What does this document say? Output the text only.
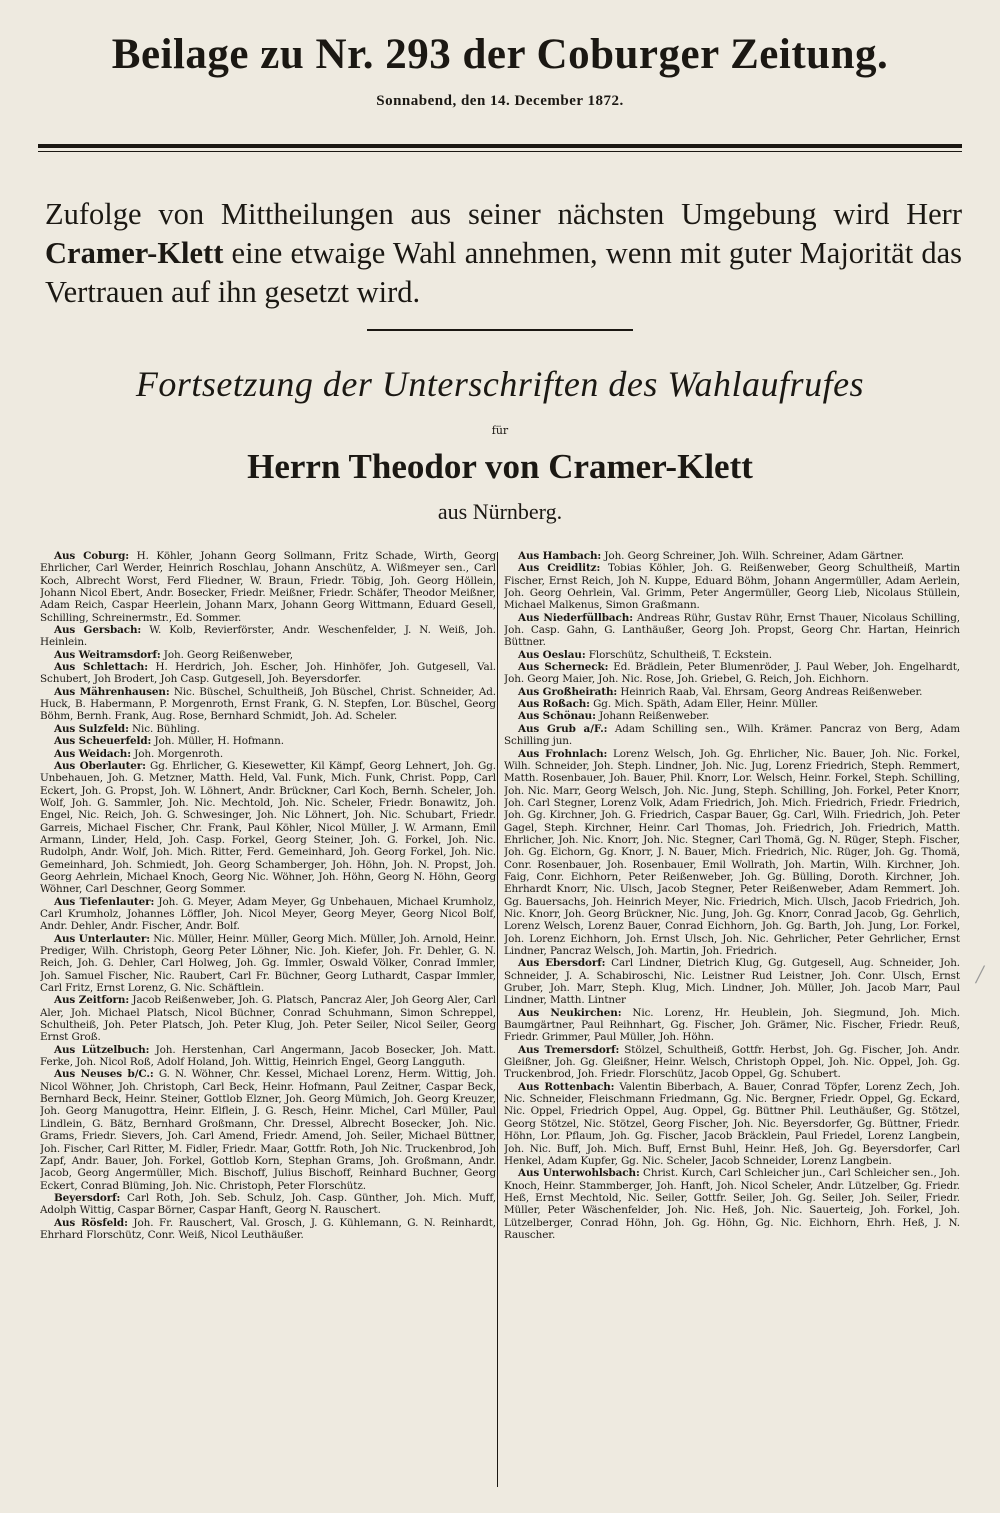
Beilage zu Nr. 293 der Coburger Zeitung.
Sonnabend, den 14. December 1872.
Zufolge von Mittheilungen aus seiner nächsten Umgebung wird Herr Cramer-Klett eine etwaige Wahl annehmen, wenn mit guter Majorität das Vertrauen auf ihn gesetzt wird.
Fortsetzung der Unterschriften des Wahlaufrufes
für
Herrn Theodor von Cramer-Klett
aus Nürnberg.

Aus Coburg: H. Köhler, Johann Georg Sollmann, Fritz Schade, Wirth, Georg Ehrlicher, Carl Werder, Heinrich Roschlau, Johann Anschütz, A. Wißmeyer sen., Carl Koch, Albrecht Worst, Ferd Fliedner, W. Braun, Friedr. Töbig, Joh. Georg Höllein, Johann Nicol Ebert, Andr. Bosecker, Friedr. Meißner, Friedr. Schäfer, Theodor Meißner, Adam Reich, Caspar Heerlein, Johann Marx, Johann Georg Wittmann, Eduard Gesell, Schilling, Schreinermstr., Ed. Sommer.

Aus Gersbach: W. Kolb, Revierförster, Andr. Weschenfelder, J. N. Weiß, Joh. Heinlein.

Aus Weitramsdorf: Joh. Georg Reißenweber,

Aus Schlettach: H. Herdrich, Joh. Escher, Joh. Hinhöfer, Joh. Gutgesell, Val. Schubert, Joh Brodert, Joh Casp. Gutgesell, Joh. Beyersdorfer.

Aus Mährenhausen: Nic. Büschel, Schultheiß, Joh Büschel, Christ. Schneider, Ad. Huck, B. Habermann, P. Morgenroth, Ernst Frank, G. N. Stepfen, Lor. Büschel, Georg Böhm, Bernh. Frank, Aug. Rose, Bernhard Schmidt, Joh. Ad. Scheler.

Aus Sulzfeld: Nic. Bühling.

Aus Scheuerfeld: Joh. Müller, H. Hofmann.

Aus Weidach: Joh. Morgenroth.

Aus Oberlauter: Gg. Ehrlicher, G. Kiesewetter, Kil Kämpf, Georg Lehnert, Joh. Gg. Unbehauen, Joh. G. Metzner, Matth. Held, Val. Funk, Mich. Funk, Christ. Popp, Carl Eckert, Joh. G. Propst, Joh. W. Löhnert, Andr. Brückner, Carl Koch, Bernh. Scheler, Joh. Wolf, Joh. G. Sammler, Joh. Nic. Mechtold, Joh. Nic. Scheler, Friedr. Bonawitz, Joh. Engel, Nic. Reich, Joh. G. Schwesinger, Joh. Nic Löhnert, Joh. Nic. Schubart, Friedr. Garreis, Michael Fischer, Chr. Frank, Paul Köhler, Nicol Müller, J. W. Armann, Emil Armann, Linder, Held, Joh. Casp. Forkel, Georg Steiner, Joh. G. Forkel, Joh. Nic. Rudolph, Andr. Wolf, Joh. Mich. Ritter, Ferd. Gemeinhard, Joh. Georg Forkel, Joh. Nic. Gemeinhard, Joh. Schmiedt, Joh. Georg Schamberger, Joh. Höhn, Joh. N. Propst, Joh. Georg Aehrlein, Michael Knoch, Georg Nic. Wöhner, Joh. Höhn, Georg N. Höhn, Georg Wöhner, Carl Deschner, Georg Sommer.

Aus Tiefenlauter: Joh. G. Meyer, Adam Meyer, Gg Unbehauen, Michael Krumholz, Carl Krumholz, Johannes Löffler, Joh. Nicol Meyer, Georg Meyer, Georg Nicol Bolf, Andr. Dehler, Andr. Fischer, Andr. Bolf.

Aus Unterlauter: Nic. Müller, Heinr. Müller, Georg Mich. Müller, Joh. Arnold, Heinr. Prediger, Wilh. Christoph, Georg Peter Löhner, Nic. Joh. Kiefer, Joh. Fr. Dehler, G. N. Reich, Joh. G. Dehler, Carl Holweg, Joh. Gg. Immler, Oswald Völker, Conrad Immler, Joh. Samuel Fischer, Nic. Raubert, Carl Fr. Büchner, Georg Luthardt, Caspar Immler, Carl Fritz, Ernst Lorenz, G. Nic. Schäftlein.

Aus Zeitforn: Jacob Reißenweber, Joh. G. Platsch, Pancraz Aler, Joh Georg Aler, Carl Aler, Joh. Michael Platsch, Nicol Büchner, Conrad Schuhmann, Simon Schreppel, Schultheiß, Joh. Peter Platsch, Joh. Peter Klug, Joh. Peter Seiler, Nicol Seiler, Georg Ernst Groß.

Aus Lützelbuch: Joh. Herstenhan, Carl Angermann, Jacob Bosecker, Joh. Matt. Ferke, Joh. Nicol Roß, Adolf Holand, Joh. Wittig, Heinrich Engel, Georg Langguth.

Aus Neuses b/C.: G. N. Wöhner, Chr. Kessel, Michael Lorenz, Herm. Wittig, Joh. Nicol Wöhner, Joh. Christoph, Carl Beck, Heinr. Hofmann, Paul Zeitner, Caspar Beck, Bernhard Beck, Heinr. Steiner, Gottlob Elzner, Joh. Georg Mümich, Joh. Georg Kreuzer, Joh. Georg Manugottra, Heinr. Elflein, J. G. Resch, Heinr. Michel, Carl Müller, Paul Lindlein, G. Bätz, Bernhard Großmann, Chr. Dressel, Albrecht Bosecker, Joh. Nic. Grams, Friedr. Sievers, Joh. Carl Amend, Friedr. Amend, Joh. Seiler, Michael Büttner, Joh. Fischer, Carl Ritter, M. Fidler, Friedr. Maar, Gottfr. Roth, Joh Nic. Truckenbrod, Joh Zapf, Andr. Bauer, Joh. Forkel, Gottlob Korn, Stephan Grams, Joh. Großmann, Andr. Jacob, Georg Angermüller, Mich. Bischoff, Julius Bischoff, Reinhard Buchner, Georg Eckert, Conrad Blüming, Joh. Nic. Christoph, Peter Florschütz.

Beyersdorf: Carl Roth, Joh. Seb. Schulz, Joh. Casp. Günther, Joh. Mich. Muff, Adolph Wittig, Caspar Börner, Caspar Hanft, Georg N. Rauschert.

Aus Rösfeld: Joh. Fr. Rauschert, Val. Grosch, J. G. Kühlemann, G. N. Reinhardt, Ehrhard Florschütz, Conr. Weiß, Nicol Leuthäußer.

Aus Hambach: Joh. Georg Schreiner, Joh. Wilh. Schreiner, Adam Gärtner.

Aus Creidlitz: Tobias Köhler, Joh. G. Reißenweber, Georg Schultheiß, Martin Fischer, Ernst Reich, Joh N. Kuppe, Eduard Böhm, Johann Angermüller, Adam Aerlein, Joh. Georg Oehrlein, Val. Grimm, Peter Angermüller, Georg Lieb, Nicolaus Stüllein, Michael Malkenus, Simon Graßmann.

Aus Niederfüllbach: Andreas Rühr, Gustav Rühr, Ernst Thauer, Nicolaus Schilling, Joh. Casp. Gahn, G. Lanthäußer, Georg Joh. Propst, Georg Chr. Hartan, Heinrich Büttner.

Aus Oeslau: Florschütz, Schultheiß, T. Eckstein.

Aus Scherneck: Ed. Brädlein, Peter Blumenröder, J. Paul Weber, Joh. Engelhardt, Joh. Georg Maier, Joh. Nic. Rose, Joh. Griebel, G. Reich, Joh. Eichhorn.

Aus Großheirath: Heinrich Raab, Val. Ehrsam, Georg Andreas Reißenweber.

Aus Roßach: Gg. Mich. Späth, Adam Eller, Heinr. Müller.

Aus Schönau: Johann Reißenweber.

Aus Grub a/F.: Adam Schilling sen., Wilh. Krämer. Pancraz von Berg, Adam Schilling jun.

Aus Frohnlach: Lorenz Welsch, Joh. Gg. Ehrlicher, Nic. Bauer, Joh. Nic. Forkel, Wilh. Schneider, Joh. Steph. Lindner, Joh. Nic. Jug, Lorenz Friedrich, Steph. Remmert, Matth. Rosenbauer, Joh. Bauer, Phil. Knorr, Lor. Welsch, Heinr. Forkel, Steph. Schilling, Joh. Nic. Marr, Georg Welsch, Joh. Nic. Jung, Steph. Schilling, Joh. Forkel, Peter Knorr, Joh. Carl Stegner, Lorenz Volk, Adam Friedrich, Joh. Mich. Friedrich, Friedr. Friedrich, Joh. Gg. Kirchner, Joh. G. Friedrich, Caspar Bauer, Gg. Carl, Wilh. Friedrich, Joh. Peter Gagel, Steph. Kirchner, Heinr. Carl Thomas, Joh. Friedrich, Joh. Friedrich, Matth. Ehrlicher, Joh. Nic. Knorr, Joh. Nic. Stegner, Carl Thomä, Gg. N. Rüger, Steph. Fischer, Joh. Gg. Eichorn, Gg. Knorr, J. N. Bauer, Mich. Friedrich, Nic. Rüger, Joh. Gg. Thomä, Conr. Rosenbauer, Joh. Rosenbauer, Emil Wollrath, Joh. Martin, Wilh. Kirchner, Joh. Faig, Conr. Eichhorn, Peter Reißenweber, Joh. Gg. Bülling, Doroth. Kirchner, Joh. Ehrhardt Knorr, Nic. Ulsch, Jacob Stegner, Peter Reißenweber, Adam Remmert. Joh. Gg. Bauersachs, Joh. Heinrich Meyer, Nic. Friedrich, Mich. Ulsch, Jacob Friedrich, Joh. Nic. Knorr, Joh. Georg Brückner, Nic. Jung, Joh. Gg. Knorr, Conrad Jacob, Gg. Gehrlich, Lorenz Welsch, Lorenz Bauer, Conrad Eichhorn, Joh. Gg. Barth, Joh. Jung, Lor. Forkel, Joh. Lorenz Eichhorn, Joh. Ernst Ulsch, Joh. Nic. Gehrlicher, Peter Gehrlicher, Ernst Lindner, Pancraz Welsch, Joh. Martin, Joh. Friedrich.

Aus Ebersdorf: Carl Lindner, Dietrich Klug, Gg. Gutgesell, Aug. Schneider, Joh. Schneider, J. A. Schabiroschi, Nic. Leistner Rud Leistner, Joh. Conr. Ulsch, Ernst Gruber, Joh. Marr, Steph. Klug, Mich. Lindner, Joh. Müller, Joh. Jacob Marr, Paul Lindner, Matth. Lintner

Aus Neukirchen: Nic. Lorenz, Hr. Heublein, Joh. Siegmund, Joh. Mich. Baumgärtner, Paul Reihnhart, Gg. Fischer, Joh. Grämer, Nic. Fischer, Friedr. Reuß, Friedr. Grimmer, Paul Müller, Joh. Höhn.

Aus Tremersdorf: Stölzel, Schultheiß, Gottfr. Herbst, Joh. Gg. Fischer, Joh. Andr. Gleißner, Joh. Gg. Gleißner, Heinr. Welsch, Christoph Oppel, Joh. Nic. Oppel, Joh. Gg. Truckenbrod, Joh. Friedr. Florschütz, Jacob Oppel, Gg. Schubert.

Aus Rottenbach: Valentin Biberbach, A. Bauer, Conrad Töpfer, Lorenz Zech, Joh. Nic. Schneider, Fleischmann Friedmann, Gg. Nic. Bergner, Friedr. Oppel, Gg. Eckard, Nic. Oppel, Friedrich Oppel, Aug. Oppel, Gg. Büttner Phil. Leuthäußer, Gg. Stötzel, Georg Stötzel, Nic. Stötzel, Georg Fischer, Joh. Nic. Beyersdorfer, Gg. Büttner, Friedr. Höhn, Lor. Pflaum, Joh. Gg. Fischer, Jacob Bräcklein, Paul Friedel, Lorenz Langbein, Joh. Nic. Buff, Joh. Mich. Buff, Ernst Buhl, Heinr. Heß, Joh. Gg. Beyersdorfer, Carl Henkel, Adam Kupfer, Gg. Nic. Scheler, Jacob Schneider, Lorenz Langbein.

Aus Unterwohlsbach: Christ. Kurch, Carl Schleicher jun., Carl Schleicher sen., Joh. Knoch, Heinr. Stammberger, Joh. Hanft, Joh. Nicol Scheler, Andr. Lützelber, Gg. Friedr. Heß, Ernst Mechtold, Nic. Seiler, Gottfr. Seiler, Joh. Gg. Seiler, Joh. Seiler, Friedr. Müller, Peter Wäschenfelder, Joh. Nic. Heß, Joh. Nic. Sauerteig, Joh. Forkel, Joh. Lützelberger, Conrad Höhn, Joh. Gg. Höhn, Gg. Nic. Eichhorn, Ehrh. Heß, J. N. Rauscher.

/
